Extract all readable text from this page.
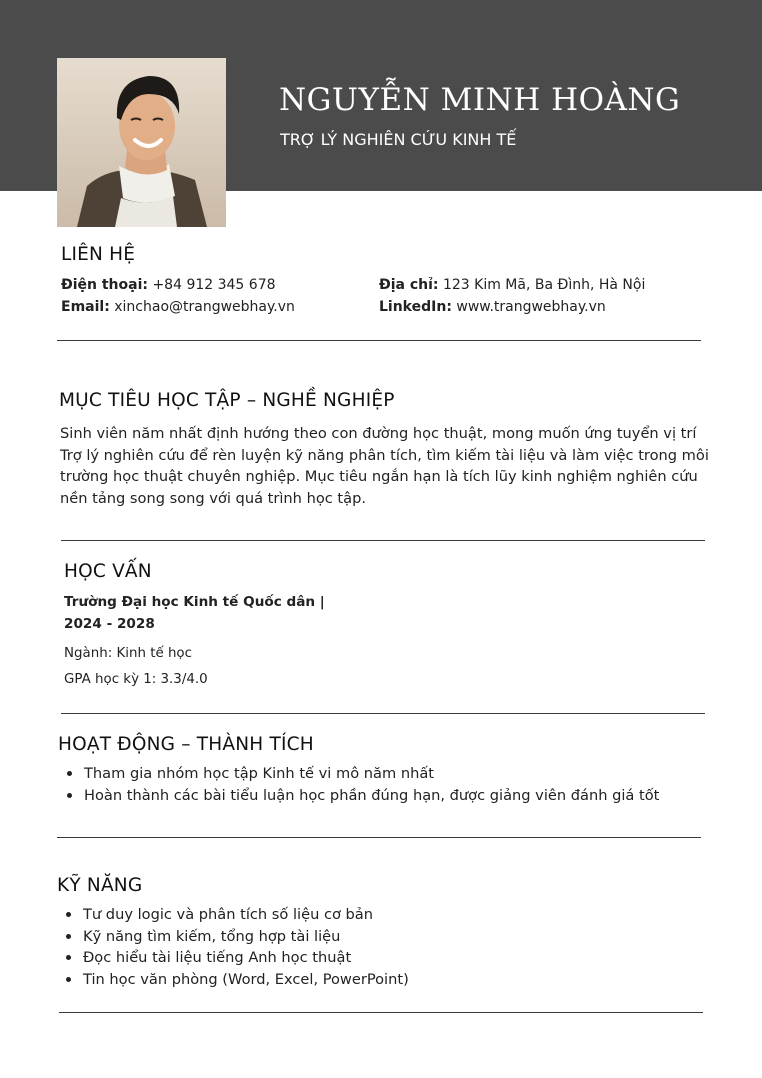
NGUYỄN MINH HOÀNG
TRỢ LÝ NGHIÊN CỨU KINH TẾ
LIÊN HỆ
Điện thoại: +84 912 345 678
Email: xinchao@trangwebhay.vn
Địa chỉ: 123 Kim Mã, Ba Đình, Hà Nội
LinkedIn: www.trangwebhay.vn
MỤC TIÊU HỌC TẬP – NGHỀ NGHIỆP
Sinh viên năm nhất định hướng theo con đường học thuật, mong muốn ứng tuyển vị trí Trợ lý nghiên cứu để rèn luyện kỹ năng phân tích, tìm kiếm tài liệu và làm việc trong môi trường học thuật chuyên nghiệp. Mục tiêu ngắn hạn là tích lũy kinh nghiệm nghiên cứu nền tảng song song với quá trình học tập.
HỌC VẤN
Trường Đại học Kinh tế Quốc dân | 2024 - 2028
Ngành: Kinh tế học
GPA học kỳ 1: 3.3/4.0
HOẠT ĐỘNG – THÀNH TÍCH
Tham gia nhóm học tập Kinh tế vi mô năm nhất
Hoàn thành các bài tiểu luận học phần đúng hạn, được giảng viên đánh giá tốt
KỸ NĂNG
Tư duy logic và phân tích số liệu cơ bản
Kỹ năng tìm kiếm, tổng hợp tài liệu
Đọc hiểu tài liệu tiếng Anh học thuật
Tin học văn phòng (Word, Excel, PowerPoint)
